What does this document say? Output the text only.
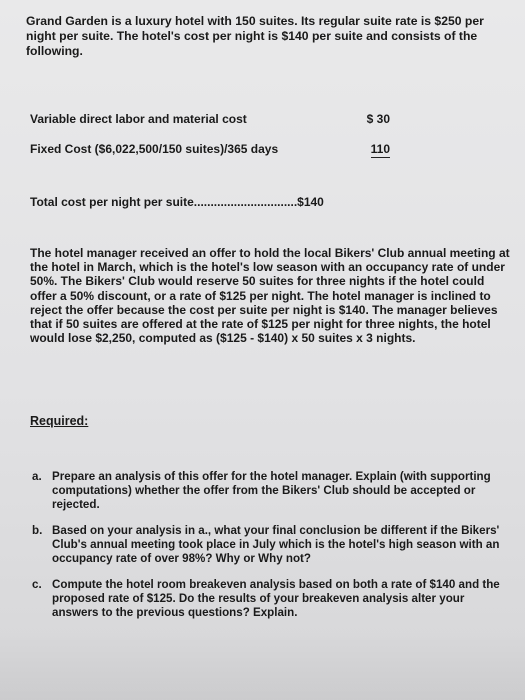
Grand Garden is a luxury hotel with 150 suites. Its regular suite rate is $250 per night per suite. The hotel's cost per night is $140 per suite and consists of the following.

Variable direct labor and material cost	$ 30
Fixed Cost ($6,022,500/150 suites)/365 days	110
Total cost per night per suite...............................$140

The hotel manager received an offer to hold the local Bikers' Club annual meeting at the hotel in March, which is the hotel's low season with an occupancy rate of under 50%. The Bikers' Club would reserve 50 suites for three nights if the hotel could offer a 50% discount, or a rate of $125 per night. The hotel manager is inclined to reject the offer because the cost per suite per night is $140. The manager believes that if 50 suites are offered at the rate of $125 per night for three nights, the hotel would lose $2,250, computed as ($125 - $140) x 50 suites x 3 nights.

Required:
a. Prepare an analysis of this offer for the hotel manager. Explain (with supporting computations) whether the offer from the Bikers' Club should be accepted or rejected.
b. Based on your analysis in a., what your final conclusion be different if the Bikers' Club's annual meeting took place in July which is the hotel's high season with an occupancy rate of over 98%? Why or Why not?
c. Compute the hotel room breakeven analysis based on both a rate of $140 and the proposed rate of $125. Do the results of your breakeven analysis alter your answers to the previous questions? Explain.
